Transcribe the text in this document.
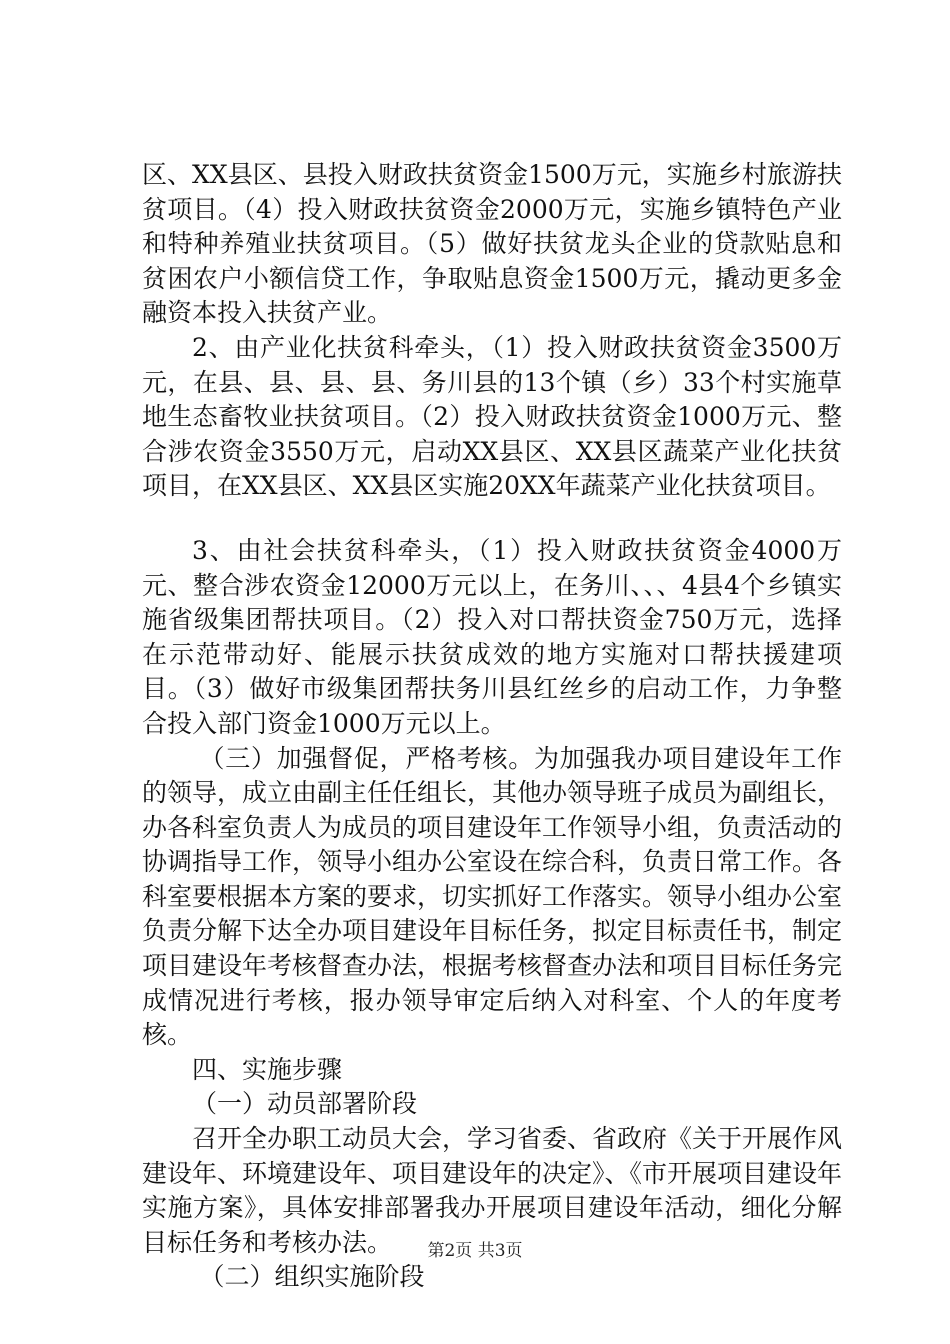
区、XX县区、县投入财政扶贫资金1500万元，实施乡村旅游扶贫项目。（4）投入财政扶贫资金2000万元，实施乡镇特色产业和特种养殖业扶贫项目。（5）做好扶贫龙头企业的贷款贴息和贫困农户小额信贷工作，争取贴息资金1500万元，撬动更多金融资本投入扶贫产业。

2、由产业化扶贫科牵头，（1）投入财政扶贫资金3500万元，在县、县、县、县、务川县的13个镇（乡）33个村实施草地生态畜牧业扶贫项目。（2）投入财政扶贫资金1000万元、整合涉农资金3550万元，启动XX县区、XX县区蔬菜产业化扶贫项目，在XX县区、XX县区实施20XX年蔬菜产业化扶贫项目。

3、由社会扶贫科牵头，（1）投入财政扶贫资金4000万元、整合涉农资金12000万元以上，在务川、、、4县4个乡镇实施省级集团帮扶项目。（2）投入对口帮扶资金750万元，选择在示范带动好、能展示扶贫成效的地方实施对口帮扶援建项目。（3）做好市级集团帮扶务川县红丝乡的启动工作，力争整合投入部门资金1000万元以上。

（三）加强督促，严格考核。为加强我办项目建设年工作的领导，成立由副主任任组长，其他办领导班子成员为副组长，办各科室负责人为成员的项目建设年工作领导小组，负责活动的协调指导工作，领导小组办公室设在综合科，负责日常工作。各科室要根据本方案的要求，切实抓好工作落实。领导小组办公室负责分解下达全办项目建设年目标任务，拟定目标责任书，制定项目建设年考核督查办法，根据考核督查办法和项目目标任务完成情况进行考核，报办领导审定后纳入对科室、个人的年度考核。

四、实施步骤

（一）动员部署阶段

召开全办职工动员大会，学习省委、省政府《关于开展作风建设年、环境建设年、项目建设年的决定》、《市开展项目建设年实施方案》，具体安排部署我办开展项目建设年活动，细化分解目标任务和考核办法。

（二）组织实施阶段

第2页 共3页
